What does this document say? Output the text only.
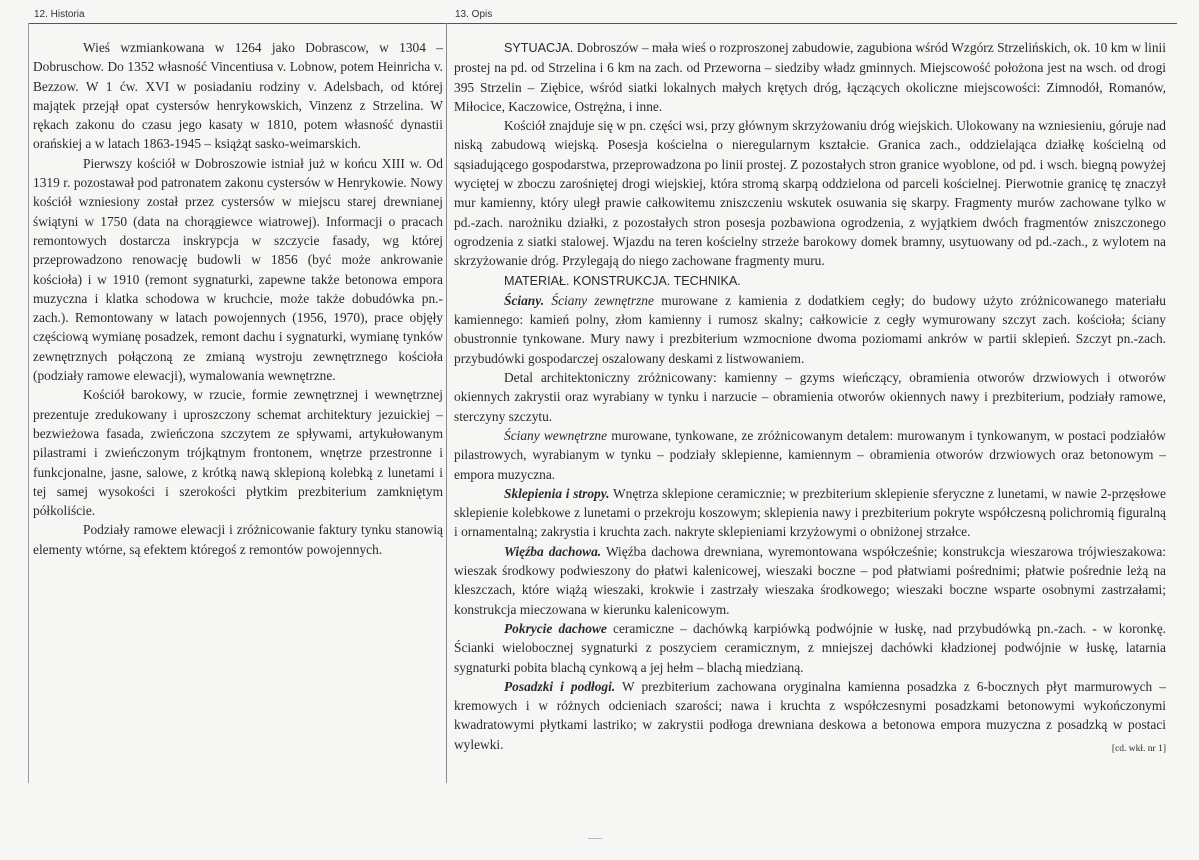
12. Historia	13. Opis

Wieś wzmiankowana w 1264 jako Dobrascow, w 1304 – Dobruschow. Do 1352 własność Vincentiusa v. Lobnow, potem Heinricha v. Bezzow. W 1 ćw. XVI w posiadaniu rodziny v. Adelsbach, od której majątek przejął opat cystersów henrykowskich, Vinzenz z Strzelina. W rękach zakonu do czasu jego kasaty w 1810, potem własność dynastii orańskiej a w latach 1863-1945 – książąt sasko-weimarskich.

Pierwszy kościół w Dobroszowie istniał już w końcu XIII w. Od 1319 r. pozostawał pod patronatem zakonu cystersów w Henrykowie. Nowy kościół wzniesiony został przez cystersów w miejscu starej drewnianej świątyni w 1750 (data na chorągiewce wiatrowej). Informacji o pracach remontowych dostarcza inskrypcja w szczycie fasady, wg której przeprowadzono renowację budowli w 1856 (być może ankrowanie kościoła) i w 1910 (remont sygnaturki, zapewne także betonowa empora muzyczna i klatka schodowa w kruchcie, może także dobudówka pn.-zach.). Remontowany w latach powojennych (1956, 1970), prace objęły częściową wymianę posadzek, remont dachu i sygnaturki, wymianę tynków zewnętrznych połączoną ze zmianą wystroju zewnętrznego kościoła (podziały ramowe elewacji), wymalowania wewnętrzne.

Kościół barokowy, w rzucie, formie zewnętrznej i wewnętrznej prezentuje zredukowany i uproszczony schemat architektury jezuickiej – bezwieżowa fasada, zwieńczona szczytem ze spływami, artykułowanym pilastrami i zwieńczonym trójkątnym frontonem, wnętrze przestronne i funkcjonalne, jasne, salowe, z krótką nawą sklepioną kolebką z lunetami i tej samej wysokości i szerokości płytkim prezbiterium zamkniętym półkoliście.

Podziały ramowe elewacji i zróżnicowanie faktury tynku stanowią elementy wtórne, są efektem któregoś z remontów powojennych.

SYTUACJA. Dobroszów – mała wieś o rozproszonej zabudowie, zagubiona wśród Wzgórz Strzelińskich, ok. 10 km w linii prostej na pd. od Strzelina i 6 km na zach. od Przeworna – siedziby władz gminnych. Miejscowość położona jest na wsch. od drogi 395 Strzelin – Ziębice, wśród siatki lokalnych małych krętych dróg, łączących okoliczne miejscowości: Zimnodół, Romanów, Miłocice, Kaczowice, Ostrężna, i inne.

Kościół znajduje się w pn. części wsi, przy głównym skrzyżowaniu dróg wiejskich. Ulokowany na wzniesieniu, góruje nad niską zabudową wiejską. Posesja kościelna o nieregularnym kształcie. Granica zach., oddzielająca działkę kościelną od sąsiadującego gospodarstwa, przeprowadzona po linii prostej. Z pozostałych stron granice wyoblone, od pd. i wsch. biegną powyżej wyciętej w zboczu zarośniętej drogi wiejskiej, która stromą skarpą oddzielona od parceli kościelnej. Pierwotnie granicę tę znaczył mur kamienny, który uległ prawie całkowitemu zniszczeniu wskutek osuwania się skarpy. Fragmenty murów zachowane tylko w pd.-zach. narożniku działki, z pozostałych stron posesja pozbawiona ogrodzenia, z wyjątkiem dwóch fragmentów zniszczonego ogrodzenia z siatki stalowej. Wjazdu na teren kościelny strzeże barokowy domek bramny, usytuowany od pd.-zach., z wylotem na skrzyżowanie dróg. Przylegają do niego zachowane fragmenty muru.

MATERIAŁ. KONSTRUKCJA. TECHNIKA.

Ściany. Ściany zewnętrzne murowane z kamienia z dodatkiem cegły; do budowy użyto zróżnicowanego materiału kamiennego: kamień polny, złom kamienny i rumosz skalny; całkowicie z cegły wymurowany szczyt zach. kościoła; ściany obustronnie tynkowane. Mury nawy i prezbiterium wzmocnione dwoma poziomami ankrów w partii sklepień. Szczyt pn.-zach. przybudówki gospodarczej oszalowany deskami z listwowaniem.

Detal architektoniczny zróżnicowany: kamienny – gzyms wieńczący, obramienia otworów drzwiowych i otworów okiennych zakrystii oraz wyrabiany w tynku i narzucie – obramienia otworów okiennych nawy i prezbiterium, podziały ramowe, sterczyny szczytu.

Ściany wewnętrzne murowane, tynkowane, ze zróżnicowanym detalem: murowanym i tynkowanym, w postaci podziałów pilastrowych, wyrabianym w tynku – podziały sklepienne, kamiennym – obramienia otworów drzwiowych oraz betonowym – empora muzyczna.

Sklepienia i stropy. Wnętrza sklepione ceramicznie; w prezbiterium sklepienie sferyczne z lunetami, w nawie 2-przęsłowe sklepienie kolebkowe z lunetami o przekroju koszowym; sklepienia nawy i prezbiterium pokryte współczesną polichromią figuralną i ornamentalną; zakrystia i kruchta zach. nakryte sklepieniami krzyżowymi o obniżonej strzałce.

Więźba dachowa. Więźba dachowa drewniana, wyremontowana współcześnie; konstrukcja wieszarowa trójwieszakowa: wieszak środkowy podwieszony do płatwi kalenicowej, wieszaki boczne – pod płatwiami pośrednimi; płatwie pośrednie leżą na kleszczach, które wiążą wieszaki, krokwie i zastrzały wieszaka środkowego; wieszaki boczne wsparte osobnymi zastrzałami; konstrukcja mieczowana w kierunku kalenicowym.

Pokrycie dachowe ceramiczne – dachówką karpiówką podwójnie w łuskę, nad przybudówką pn.-zach. - w koronkę. Ścianki wielobocznej sygnaturki z poszyciem ceramicznym, z mniejszej dachówki kładzionej podwójnie w łuskę, latarnia sygnaturki pobita blachą cynkową a jej hełm – blachą miedzianą.

Posadzki i podłogi. W prezbiterium zachowana oryginalna kamienna posadzka z 6-bocznych płyt marmurowych – kremowych i w różnych odcieniach szarości; nawa i kruchta z współczesnymi posadzkami betonowymi wykończonymi kwadratowymi płytkami lastriko; w zakrystii podłoga drewniana deskowa a betonowa empora muzyczna z posadzką w postaci wylewki.	[cd. wkł. nr 1]
